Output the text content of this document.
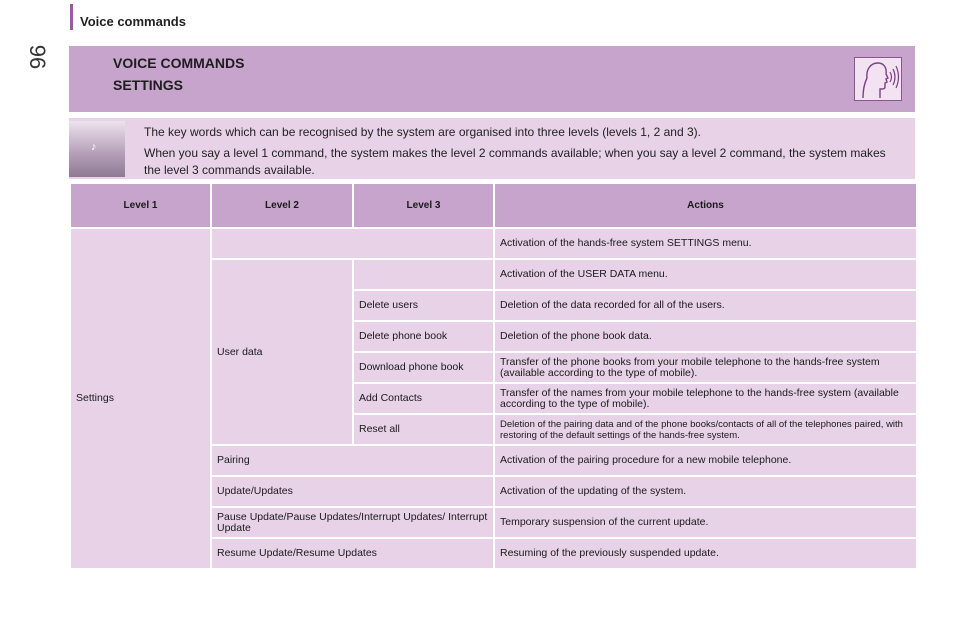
Voice commands
96	VOICE COMMANDS
SETTINGS
♪

The key words which can be recognised by the system are organised into three levels (levels 1, 2 and 3).

When you say a level 1 command, the system makes the level 2 commands available; when you say a level 2 command, the system makes the level 3 commands available.

Level 1	Level 2	Level 3	Actions
Settings			Activation of the hands-free system SETTINGS menu.
	User data		Activation of the USER DATA menu.
		Delete users	Deletion of the data recorded for all of the users.
		Delete phone book	Deletion of the phone book data.
		Download phone book	Transfer of the phone books from your mobile telephone to the hands-free system (available according to the type of mobile).
		Add Contacts	Transfer of the names from your mobile telephone to the hands-free system (available according to the type of mobile).
		Reset all	Deletion of the pairing data and of the phone books/contacts of all of the telephones paired, with restoring of the default settings of the hands-free system.
	Pairing		Activation of the pairing procedure for a new mobile telephone.
	Update/Updates		Activation of the updating of the system.
	Pause Update/Pause Updates/Interrupt Updates/ Interrupt Update		Temporary suspension of the current update.
	Resume Update/Resume Updates		Resuming of the previously suspended update.
